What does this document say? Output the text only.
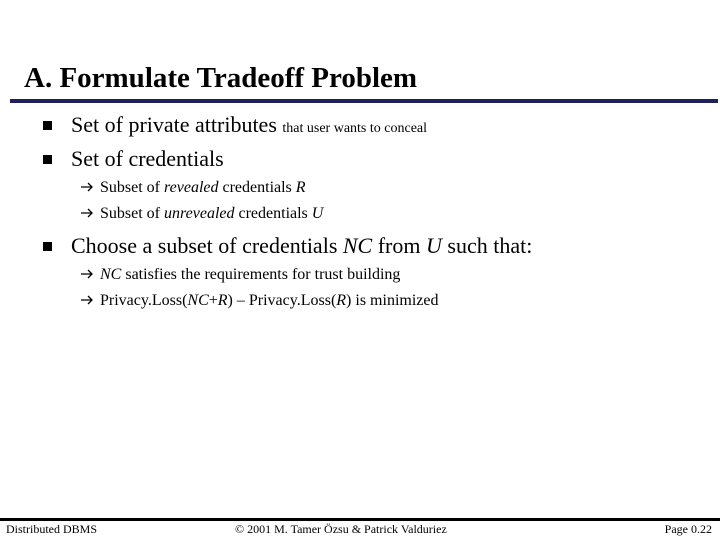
A. Formulate Tradeoff Problem
Set of private attributes that user wants to conceal
Set of credentials
Subset of revealed credentials R
Subset of unrevealed credentials U
Choose a subset of credentials NC from U such that:
NC satisfies the requirements for trust building
Privacy.Loss(NC+R) – Privacy.Loss(R) is minimized
Distributed DBMS	© 2001 M. Tamer Özsu & Patrick Valduriez	Page 0.22
